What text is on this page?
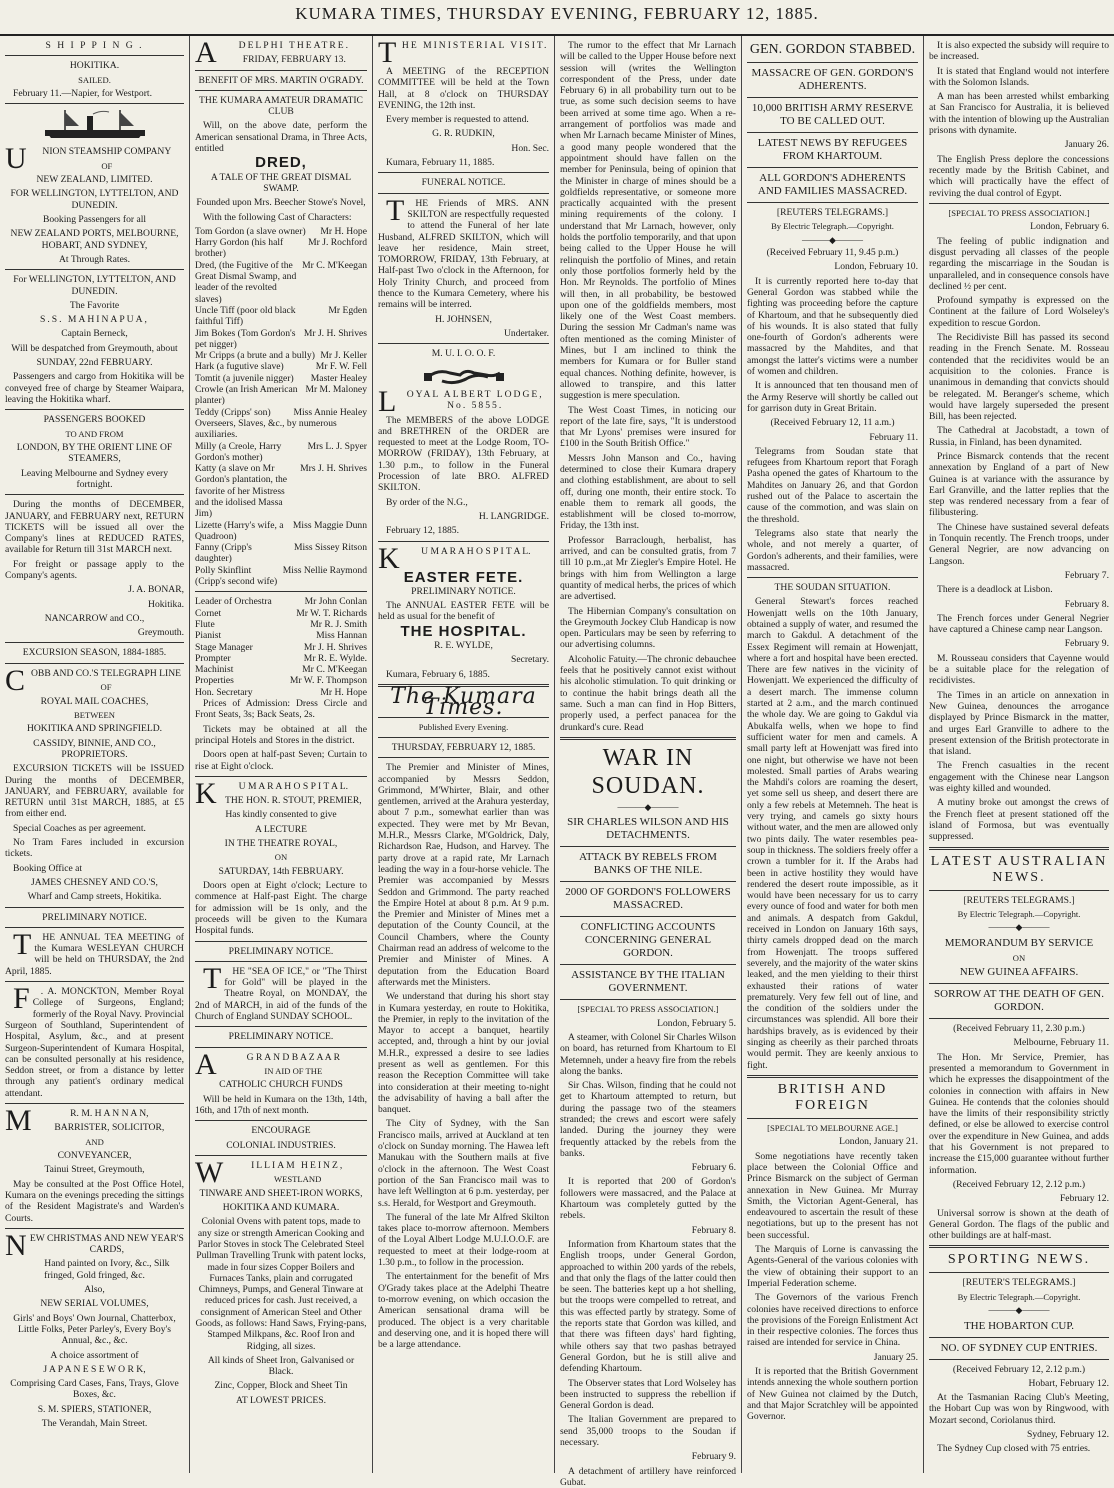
KUMARA TIMES, THURSDAY EVENING, FEBRUARY 12, 1885.

S H I P P I N G .

HOKITIKA.

SAILED.

February 11.—Napier, for Westport.

U NION STEAMSHIP COMPANY

OF

NEW ZEALAND, LIMITED.

FOR WELLINGTON, LYTTELTON, AND DUNEDIN.

Booking Passengers for all

NEW ZEALAND PORTS, MELBOURNE, HOBART, AND SYDNEY,

At Through Rates.

For WELLINGTON, LYTTELTON, AND DUNEDIN.

The Favorite

S.S. MAHINAPUA,

Captain Berneck,

Will be despatched from Greymouth, about

SUNDAY, 22nd FEBRUARY.

Passengers and cargo from Hokitika will be conveyed free of charge by Steamer Waipara, leaving the Hokitika wharf.

PASSENGERS BOOKED

TO AND FROM

LONDON, BY THE ORIENT LINE OF STEAMERS,

Leaving Melbourne and Sydney every fortnight.

During the months of DECEMBER, JANUARY, and FEBRUARY next, RETURN TICKETS will be issued all over the Company's lines at REDUCED RATES, available for Return till 31st MARCH next.

For freight or passage apply to the Company's agents.

J. A. BONAR,

Hokitika.

NANCARROW and CO.,

Greymouth.

EXCURSION SEASON, 1884-1885.

COBB AND CO.'S TELEGRAPH LINE

OF

ROYAL MAIL COACHES,

BETWEEN

HOKITIKA AND SPRINGFIELD.

CASSIDY, BINNIE, AND CO., PROPRIETORS.

EXCURSION TICKETS will be ISSUED During the months of DECEMBER, JANUARY, and FEBRUARY, available for RETURN until 31st MARCH, 1885, at £5 from either end.

Special Coaches as per agreement.

No Tram Fares included in excursion tickets.

Booking Office at

JAMES CHESNEY AND CO.'S,

Wharf and Camp streets, Hokitika.

PRELIMINARY NOTICE.

T HE ANNUAL TEA MEETING of the Kumara WESLEYAN CHURCH will be held on THURSDAY, the 2nd April, 1885.

F . A. MONCKTON, Member Royal College of Surgeons, England; formerly of the Royal Navy. Provincial Surgeon of Southland, Superintendent of Hospital, Asylum, &c., and at present Surgeon-Superintendent of Kumara Hospital, can be consulted personally at his residence, Seddon street, or from a distance by letter through any patient's ordinary medical attendant.

M	R. M. H A N N A N,

BARRISTER, SOLICITOR,

AND

CONVEYANCER,

Tainui Street, Greymouth,

May be consulted at the Post Office Hotel, Kumara on the evenings preceding the sittings of the Resident Magistrate's and Warden's Courts.

NEW CHRISTMAS AND NEW YEAR'S CARDS,

Hand painted on Ivory, &c., Silk fringed, Gold fringed, &c.

Also,

NEW SERIAL VOLUMES,

Girls' and Boys' Own Journal, Chatterbox, Little Folks, Peter Parley's, Every Boy's Annual, &c., &c.

A choice assortment of

J A P A N E S E W O R K,

Comprising Card Cases, Fans, Trays, Glove Boxes, &c.

S. M. SPIERS, STATIONER,

The Verandah, Main Street.

A DELPHI THEATRE.

FRIDAY, FEBRUARY 13.

BENEFIT OF MRS. MARTIN O'GRADY.

THE KUMARA AMATEUR DRAMATIC CLUB

Will, on the above date, perform the American sensational Drama, in Three Acts, entitled

DRED,

A TALE OF THE GREAT DISMAL SWAMP.

Founded upon Mrs. Beecher Stowe's Novel,

With the following Cast of Characters:

Tom Gordon (a slave owner)	Mr H. Hope
Harry Gordon (his half brother)
Mr J. Rochford
Dred, (the Fugitive of the Great Dismal Swamp, and leader of the revolted slaves)
Mr C. M'Keegan
Uncle Tiff (poor old black faithful Tiff)
Mr Egden
Jim Bokes (Tom Gordon's pet nigger)
Mr J. H. Shrives
Mr Cripps (a brute and a bully) Mr J. Keller
Hark (a fugutive slave)	Mr F. W. Fell
Tomtit (a juvenile nigger)	Master Healey
Crowle (an Irish American planter)
Mr M. Maloney
Teddy (Cripps' son)	Miss Annie Healey
Overseers, Slaves, &c., by numerous auxiliaries.
Milly (a Creole, Harry Gordon's mother)
Mrs L. J. Spyer
Katty (a slave on Mr Gordon's plantation, the favorite of her Mistress and the idolised Massa Jim)
Mrs J. H. Shrives
Lizette (Harry's wife, a Quadroon)
Miss Maggie Dunn
Fanny (Cripp's daughter)
Miss Sissey Ritson
Polly Skinflint (Cripp's second wife)
Miss Nellie Raymond
Leader of Orchestra	Mr John Conlan
Cornet	Mr W. T. Richards
Flute	Mr R. J. Smith
Pianist	Miss Hannan
Stage Manager	Mr J. H. Shrives
Prompter	Mr R. E. Wylde.
Machinist	Mr C. M'Keegan
Properties	Mr W. F. Thompson
Hon. Secretary	Mr H. Hope

Prices of Admission: Dress Circle and Front Seats, 3s; Back Seats, 2s.

Tickets may be obtained at all the principal Hotels and Stores in the district.

Doors open at half-past Seven; Curtain to rise at Eight o'clock.

K U M A R A H O S P I T A L.

THE HON. R. STOUT, PREMIER,

Has kindly consented to give

A LECTURE

IN THE THEATRE ROYAL,

ON

SATURDAY, 14th FEBRUARY.

Doors open at Eight o'clock; Lecture to commence at Half-past Eight. The charge for admission will be 1s only, and the proceeds will be given to the Kumara Hospital funds.

PRELIMINARY NOTICE.

T HE "SEA OF ICE," or "The Thirst for Gold" will be played in the Theatre Royal, on MONDAY, the 2nd of MARCH, in aid of the funds of the Church of England SUNDAY SCHOOL.

PRELIMINARY NOTICE.

A	G R A N D B A Z A A R

IN AID OF THE

CATHOLIC CHURCH FUNDS

Will be held in Kumara on the 13th, 14th, 16th, and 17th of next month.

ENCOURAGE

COLONIAL INDUSTRIES.

W	ILLIAM HEINZ,

WESTLAND

TINWARE AND SHEET-IRON WORKS,

HOKITIKA AND KUMARA.

Colonial Ovens with patent tops, made to any size or strength American Cooking and Parlor Stoves in stock The Celebrated Steel Pullman Travelling Trunk with patent locks, made in four sizes Copper Boilers and Furnaces Tanks, plain and corrugated Chimneys, Pumps, and General Tinware at reduced prices for cash. Just received, a consignment of American Steel and Other Goods, as follows: Hand Saws, Frying-pans, Stamped Milkpans, &c. Roof Iron and Ridging, all sizes.

All kinds of Sheet Iron, Galvanised or Black.

Zinc, Copper, Block and Sheet Tin

AT LOWEST PRICES.

THE MINISTERIAL VISIT.

A MEETING of the RECEPTION COMMITTEE will be held at the Town Hall, at 8 o'clock on THURSDAY EVENING, the 12th inst.

Every member is requested to attend.

G. R. RUDKIN,

Hon. Sec.

Kumara, February 11, 1885.

FUNERAL NOTICE.

T HE Friends of MRS. ANN SKILTON are respectfully requested to attend the Funeral of her late Husband, ALFRED SKILTON, which will leave her residence, Main street, TOMORROW, FRIDAY, 13th February, at Half-past Two o'clock in the Afternoon, for Holy Trinity Church, and proceed from thence to the Kumara Cemetery, where his remains will be interred.

H. JOHNSEN,

Undertaker.

M. U. I. O. O. F.

LOYAL ALBERT LODGE, No. 5855.

The MEMBERS of the above LODGE and BRETHREN of the ORDER are requested to meet at the Lodge Room, TO-MORROW (FRIDAY), 13th February, at 1.30 p.m., to follow in the Funeral Procession of late BRO. ALFRED SKILTON.

By order of the N.G.,

H. LANGRIDGE.

February 12, 1885.

K U M A R A H O S P I T A L.

EASTER FETE.

PRELIMINARY NOTICE.

The ANNUAL EASTER FETE will be held as usual for the benefit of

THE HOSPITAL.

R. E. WYLDE,

Secretary.

Kumara, February 6, 1885.

The Kumara Times.

Published Every Evening.

THURSDAY, FEBRUARY 12, 1885.

The Premier and Minister of Mines, accompanied by Messrs Seddon, Grimmond, M'Whirter, Blair, and other gentlemen, arrived at the Arahura yesterday, about 7 p.m., somewhat earlier than was expected. They were met by Mr Bevan, M.H.R., Messrs Clarke, M'Goldrick, Daly, Richardson Rae, Hudson, and Harvey. The party drove at a rapid rate, Mr Larnach leading the way in a four-horse vehicle. The Premier was accompanied by Messrs Seddon and Grimmond. The party reached the Empire Hotel at about 8 p.m. At 9 p.m. the Premier and Minister of Mines met a deputation of the County Council, at the Council Chambers, where the County Chairman read an address of welcome to the Premier and Minister of Mines. A deputation from the Education Board afterwards met the Ministers.

We understand that during his short stay in Kumara yesterday, en route to Hokitika, the Premier, in reply to the invitation of the Mayor to accept a banquet, heartily accepted, and, through a hint by our jovial M.H.R., expressed a desire to see ladies present as well as gentlemen. For this reason the Reception Committee will take into consideration at their meeting to-night the advisability of having a ball after the banquet.

The City of Sydney, with the San Francisco mails, arrived at Auckland at ten o'clock on Sunday morning. The Hawea left Manukau with the Southern mails at five o'clock in the afternoon. The West Coast portion of the San Francisco mail was to have left Wellington at 6 p.m. yesterday, per s.s. Herald, for Westport and Greymouth.

The funeral of the late Mr Alfred Skilton takes place to-morrow afternoon. Members of the Loyal Albert Lodge M.U.I.O.O.F. are requested to meet at their lodge-room at 1.30 p.m., to follow in the procession.

The entertainment for the benefit of Mrs O'Grady takes place at the Adelphi Theatre to-morrow evening, on which occasion the American sensational drama will be produced. The object is a very charitable and deserving one, and it is hoped there will be a large attendance.

The rumor to the effect that Mr Larnach will be called to the Upper House before next session will (writes the Wellington correspondent of the Press, under date February 6) in all probability turn out to be true, as some such decision seems to have been arrived at some time ago. When a re-arrangement of portfolios was made and when Mr Larnach became Minister of Mines, a good many people wondered that the appointment should have fallen on the member for Peninsula, being of opinion that the Minister in charge of mines should be a goldfields representative, or someone more practically acquainted with the present mining requirements of the colony. I understand that Mr Larnach, however, only holds the portfolio temporarily, and that upon being called to the Upper House he will relinquish the portfolio of Mines, and retain only those portfolios formerly held by the Hon. Mr Reynolds. The portfolio of Mines will then, in all probability, be bestowed upon one of the goldfields members, most likely one of the West Coast members. During the session Mr Cadman's name was often mentioned as the coming Minister of Mines, but I am inclined to think the members for Kumara or for Buller stand equal chances. Nothing definite, however, is allowed to transpire, and this latter suggestion is mere speculation.

The West Coast Times, in noticing our report of the late fire, says, "It is understood that Mr Lyons' premises were insured for £100 in the South British Office."

Messrs John Manson and Co., having determined to close their Kumara drapery and clothing establishment, are about to sell off, during one month, their entire stock. To enable them to remark all goods, the establishment will be closed to-morrow, Friday, the 13th inst.

Professor Barraclough, herbalist, has arrived, and can be consulted gratis, from 7 till 10 p.m.,at Mr Ziegler's Empire Hotel. He brings with him from Wellington a large quantity of medical herbs, the prices of which are advertised.

The Hibernian Company's consultation on the Greymouth Jockey Club Handicap is now open. Particulars may be seen by referring to our advertising columns.

Alcoholic Fatuity.—The chronic debauchee feels that he positively cannot exist without his alcoholic stimulation. To quit drinking or to continue the habit brings death all the same. Such a man can find in Hop Bitters, properly used, a perfect panacea for the drunkard's cure. Read

WAR IN SOUDAN.

———◆———

SIR CHARLES WILSON AND HIS DETACHMENTS.

ATTACK BY REBELS FROM BANKS OF THE NILE.

2000 OF GORDON'S FOLLOWERS MASSACRED.

CONFLICTING ACCOUNTS CONCERNING GENERAL GORDON.

ASSISTANCE BY THE ITALIAN GOVERNMENT.

[SPECIAL TO PRESS ASSOCIATION.]

London, February 5.

A steamer, with Colonel Sir Charles Wilson on board, has returned from Khartoum to El Metemneh, under a heavy fire from the rebels along the banks.

Sir Chas. Wilson, finding that he could not get to Khartoum attempted to return, but during the passage two of the steamers stranded; the crews and escort were safely landed. During the journey they were frequently attacked by the rebels from the banks.

February 6.

It is reported that 200 of Gordon's followers were massacred, and the Palace at Khartoum was completely gutted by the rebels.

February 8.

Information from Khartoum states that the English troops, under General Gordon, approached to within 200 yards of the rebels, and that only the flags of the latter could then be seen. The batteries kept up a hot shelling, but the troops were compelled to retreat, and this was effected partly by strategy. Some of the reports state that Gordon was killed, and that there was fifteen days' hard fighting, while others say that two pashas betrayed General Gordon, but he is still alive and defending Khartoum.

The Observer states that Lord Wolseley has been instructed to suppress the rebellion if General Gordon is dead.

The Italian Government are prepared to send 35,000 troops to the Soudan if necessary.

February 9.

A detachment of artillery have reinforced Gubat.

GEN. GORDON STABBED.

MASSACRE OF GEN. GORDON'S ADHERENTS.

10,000 BRITISH ARMY RESERVE TO BE CALLED OUT.

LATEST NEWS BY REFUGEES FROM KHARTOUM.

ALL GORDON'S ADHERENTS AND FAMILIES MASSACRED.

[REUTERS TELEGRAMS.]

By Electric Telegraph.—Copyright.

———◆———

(Received February 11, 9.45 p.m.)

London, February 10.

It is currently reported here to-day that General Gordon was stabbed while the fighting was proceeding before the capture of Khartoum, and that he subsequently died of his wounds. It is also stated that fully one-fourth of Gordon's adherents were massacred by the Mahdites, and that amongst the latter's victims were a number of women and children.

It is announced that ten thousand men of the Army Reserve will shortly be called out for garrison duty in Great Britain.

(Received February 12, 11 a.m.)

February 11.

Telegrams from Soudan state that refugees from Khartoum report that Foragh Pasha opened the gates of Khartoum to the Mahdites on January 26, and that Gordon rushed out of the Palace to ascertain the cause of the commotion, and was slain on the threshold.

Telegrams also state that nearly the whole, and not merely a quarter, of Gordon's adherents, and their families, were massacred.

THE SOUDAN SITUATION.

General Stewart's forces reached Howenjatt wells on the 10th January, obtained a supply of water, and resumed the march to Gakdul. A detachment of the Essex Regiment will remain at Howenjatt, where a fort and hospital have been erected. There are few natives in the vicinity of Howenjatt. We experienced the difficulty of a desert march. The immense column started at 2 a.m., and the march continued the whole day. We are going to Gakdul via Abukalfa wells, when we hope to find sufficient water for men and camels. A small party left at Howenjatt was fired into one night, but otherwise we have not been molested. Small parties of Arabs wearing the Mahdi's colors are roaming the desert, yet some sell us sheep, and desert there are only a few rebels at Metemneh. The heat is very trying, and camels go sixty hours without water, and the men are allowed only two pints daily. The water resembles pea-soup in thickness. The soldiers freely offer a crown a tumbler for it. If the Arabs had been in active hostility they would have rendered the desert route impossible, as it would have been necessary for us to carry every ounce of food and water for both men and animals. A despatch from Gakdul, received in London on January 16th says, thirty camels dropped dead on the march from Howenjatt. The troops suffered severely, and the majority of the water skins leaked, and the men yielding to their thirst exhausted their rations of water prematurely. Very few fell out of line, and the condition of the soldiers under the circumstances was splendid. All bore their hardships bravely, as is evidenced by their singing as cheerily as their parched throats would permit. They are keenly anxious to fight.

BRITISH AND FOREIGN

[SPECIAL TO MELBOURNE AGE.]

London, January 21.

Some negotiations have recently taken place between the Colonial Office and Prince Bismarck on the subject of German annexation in New Guinea. Mr Murray Smith, the Victorian Agent-General, has endeavoured to ascertain the result of these negotiations, but up to the present has not been successful.

The Marquis of Lorne is canvassing the Agents-General of the various colonies with the view of obtaining their support to an Imperial Federation scheme.

The Governors of the various French colonies have received directions to enforce the provisions of the Foreign Enlistment Act in their respective colonies. The forces thus raised are intended for service in China.

January 25.

It is reported that the British Government intends annexing the whole southern portion of New Guinea not claimed by the Dutch, and that Major Scratchley will be appointed Governor.

It is also expected the subsidy will require to be increased.

It is stated that England would not interfere with the Solomon Islands.

A man has been arrested whilst embarking at San Francisco for Australia, it is believed with the intention of blowing up the Australian prisons with dynamite.

January 26.

The English Press deplore the concessions recently made by the British Cabinet, and which will practically have the effect of reviving the dual control of Egypt.

[SPECIAL TO PRESS ASSOCIATION.]

London, February 6.

The feeling of public indignation and disgust pervading all classes of the people regarding the miscarriage in the Soudan is unparalleled, and in consequence consols have declined ½ per cent.

Profound sympathy is expressed on the Continent at the failure of Lord Wolseley's expedition to rescue Gordon.

The Recidiviste Bill has passed its second reading in the French Senate. M. Rosseau contended that the recidivites would be an acquisition to the colonies. France is unanimous in demanding that convicts should be relegated. M. Beranger's scheme, which would have largely superseded the present Bill, has been rejected.

The Cathedral at Jacobstadt, a town of Russia, in Finland, has been dynamited.

Prince Bismarck contends that the recent annexation by England of a part of New Guinea is at variance with the assurance by Earl Granville, and the latter replies that the step was rendered necessary from a fear of filibustering.

The Chinese have sustained several defeats in Tonquin recently. The French troops, under General Negrier, are now advancing on Langson.

February 7.

There is a deadlock at Lisbon.

February 8.

The French forces under General Negrier have captured a Chinese camp near Langson.

February 9.

M. Rousseau considers that Cayenne would be a suitable place for the relegation of recidivistes.

The Times in an article on annexation in New Guinea, denounces the arrogance displayed by Prince Bismarck in the matter, and urges Earl Granville to adhere to the present extension of the British protectorate in that island.

The French casualties in the recent engagement with the Chinese near Langson was eighty killed and wounded.

A mutiny broke out amongst the crews of the French fleet at present stationed off the island of Formosa, but was eventually suppressed.

LATEST AUSTRALIAN NEWS.

[REUTERS TELEGRAMS.]

By Electric Telegraph.—Copyright.

———◆———

MEMORANDUM BY SERVICE

ON

NEW GUINEA AFFAIRS.

SORROW AT THE DEATH OF GEN. GORDON.

(Received February 11, 2.30 p.m.)

Melbourne, February 11.

The Hon. Mr Service, Premier, has presented a memorandum to Government in which he expresses the disappointment of the colonies in connection with affairs in New Guinea. He contends that the colonies should have the limits of their responsibility strictly defined, or else be allowed to exercise control over the expenditure in New Guinea, and adds that his Government is not prepared to increase the £15,000 guarantee without further information.

(Received February 12, 2.12 p.m.)

February 12.

Universal sorrow is shown at the death of General Gordon. The flags of the public and other buildings are at half-mast.

SPORTING NEWS.

[REUTER'S TELEGRAMS.]

By Electric Telegraph.—Copyright.

———◆———

THE HOBARTON CUP.

NO. OF SYDNEY CUP ENTRIES.

(Received February 12, 2.12 p.m.)

Hobart, February 12.

At the Tasmanian Racing Club's Meeting, the Hobart Cup was won by Ringwood, with Mozart second, Coriolanus third.

Sydney, February 12.

The Sydney Cup closed with 75 entries.
